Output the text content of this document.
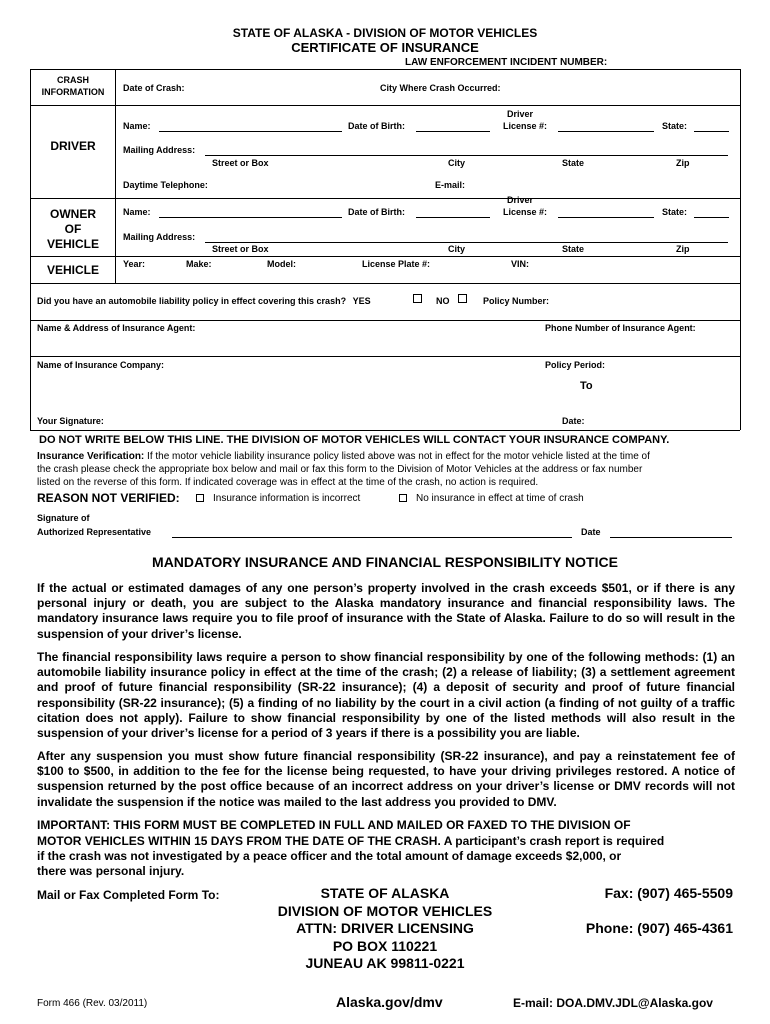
STATE OF ALASKA - DIVISION OF MOTOR VEHICLES
CERTIFICATE OF INSURANCE
LAW ENFORCEMENT INCIDENT NUMBER:
CRASH INFORMATION	Date of Crash:	City Where Crash Occurred:
DRIVER
Driver
Name:	Date of Birth:	License #:	State:
Mailing Address:
Street or Box	City	State	Zip
Daytime Telephone:	E-mail:
OWNER
OF
VEHICLE
Driver
Name:	Date of Birth:	License #:	State:
Mailing Address:
Street or Box	City	State	Zip
VEHICLE	Year:	Make:	Model:	License Plate #:	VIN:
Did you have an automobile liability policy in effect covering this crash? YES	NO	Policy Number:
Name & Address of Insurance Agent:	Phone Number of Insurance Agent:
Name of Insurance Company:	Policy Period:
To
Your Signature:	Date:
DO NOT WRITE BELOW THIS LINE. THE DIVISION OF MOTOR VEHICLES WILL CONTACT YOUR INSURANCE COMPANY.
Insurance Verification: If the motor vehicle liability insurance policy listed above was not in effect for the motor vehicle listed at the time of
the crash please check the appropriate box below and mail or fax this form to the Division of Motor Vehicles at the address or fax number
listed on the reverse of this form. If indicated coverage was in effect at the time of the crash, no action is required.
REASON NOT VERIFIED:	Insurance information is incorrect	No insurance in effect at time of crash
Signature of
Authorized Representative	Date
MANDATORY INSURANCE AND FINANCIAL RESPONSIBILITY NOTICE
If the actual or estimated damages of any one person’s property involved in the crash exceeds $501, or if there is any personal injury or death, you are subject to the Alaska mandatory insurance and financial responsibility laws. The mandatory insurance laws require you to file proof of insurance with the State of Alaska. Failure to do so will result in the suspension of your driver’s license.
The financial responsibility laws require a person to show financial responsibility by one of the following methods: (1) an automobile liability insurance policy in effect at the time of the crash; (2) a release of liability; (3) a settlement agreement and proof of future financial responsibility (SR-22 insurance); (4) a deposit of security and proof of future financial responsibility (SR-22 insurance); (5) a finding of no liability by the court in a civil action (a finding of not guilty of a traffic citation does not apply). Failure to show financial responsibility by one of the listed methods will also result in the suspension of your driver’s license for a period of 3 years if there is a possibility you are liable.
After any suspension you must show future financial responsibility (SR-22 insurance), and pay a reinstatement fee of $100 to $500, in addition to the fee for the license being requested, to have your driving privileges restored. A notice of suspension returned by the post office because of an incorrect address on your driver’s license or DMV records will not invalidate the suspension if the notice was mailed to the last address you provided to DMV.
IMPORTANT: THIS FORM MUST BE COMPLETED IN FULL AND MAILED OR FAXED TO THE DIVISION OF
MOTOR VEHICLES WITHIN 15 DAYS FROM THE DATE OF THE CRASH. A participant’s crash report is required
if the crash was not investigated by a peace officer and the total amount of damage exceeds $2,000, or
there was personal injury.
Mail or Fax Completed Form To:	STATE OF ALASKA
DIVISION OF MOTOR VEHICLES
ATTN: DRIVER LICENSING
PO BOX 110221
JUNEAU AK 99811-0221
Fax: (907) 465-5509
Phone: (907) 465-4361
Form 466 (Rev. 03/2011)	Alaska.gov/dmv	E-mail: DOA.DMV.JDL@Alaska.gov
